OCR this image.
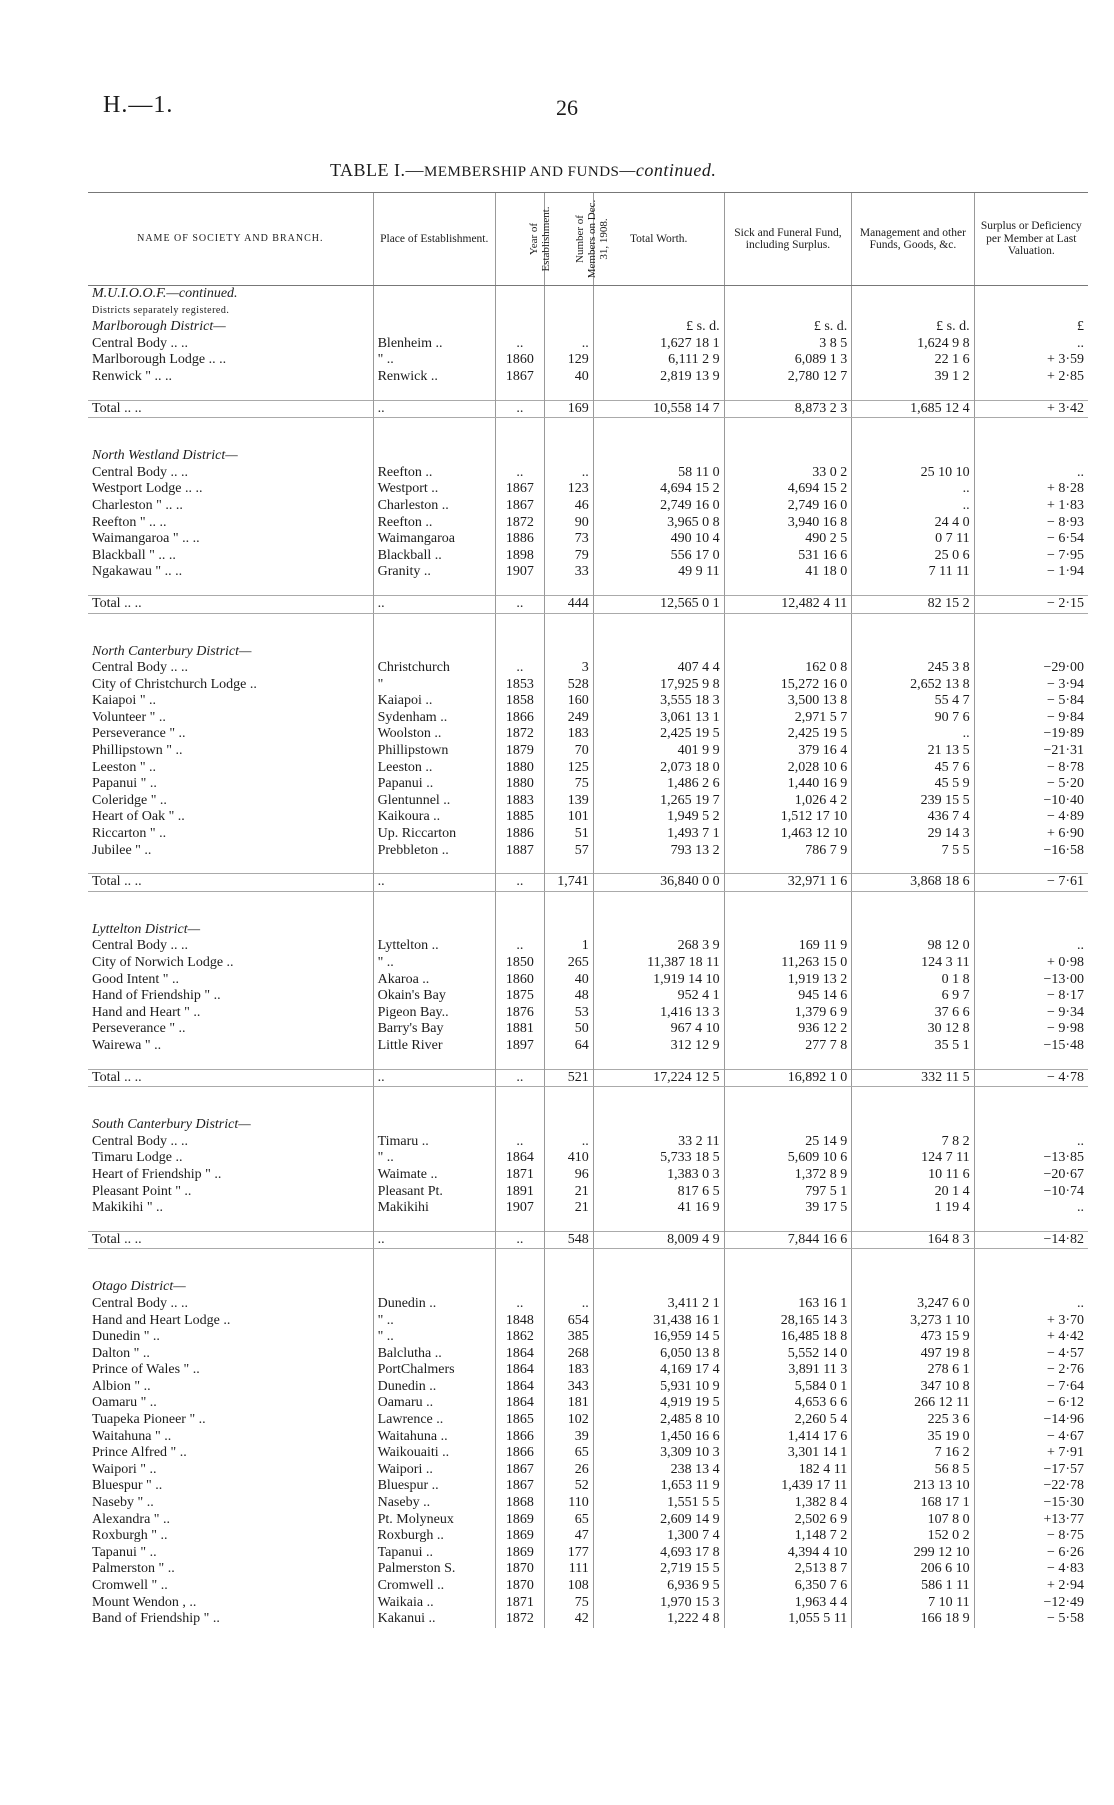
H.—1.	26
TABLE I.—MEMBERSHIP AND FUNDS—continued.
NAME OF SOCIETY AND BRANCH.	Place of Establishment.	Year of Establishment.	Number of Members on Dec. 31, 1908.	Total Worth.	Sick and Funeral Fund, including Surplus.	Management and other Funds, Goods, &c.	Surplus or Deficiency per Member at Last Valuation.
M.U.I.O.O.F.—continued.							
Districts separately registered.							
Marlborough District—				£ s. d.	£ s. d.	£ s. d.	£
Central Body .. ..	Blenheim ..	..	..	1,627 18 1	3 8 5	1,624 9 8	..
Marlborough Lodge .. ..	" ..	1860	129	6,111 2 9	6,089 1 3	22 1 6	+ 3·59
Renwick " .. ..	Renwick ..	1867	40	2,819 13 9	2,780 12 7	39 1 2	+ 2·85

Total .. ..	..	..	169	10,558 14 7	8,873 2 3	1,685 12 4	+ 3·42

North Westland District—							
Central Body .. ..	Reefton ..	..	..	58 11 0	33 0 2	25 10 10	..
Westport Lodge .. ..	Westport ..	1867	123	4,694 15 2	4,694 15 2	..	+ 8·28
Charleston " .. ..	Charleston ..	1867	46	2,749 16 0	2,749 16 0	..	+ 1·83
Reefton " .. ..	Reefton ..	1872	90	3,965 0 8	3,940 16 8	24 4 0	− 8·93
Waimangaroa " .. ..	Waimangaroa	1886	73	490 10 4	490 2 5	0 7 11	− 6·54
Blackball " .. ..	Blackball ..	1898	79	556 17 0	531 16 6	25 0 6	− 7·95
Ngakawau " .. ..	Granity ..	1907	33	49 9 11	41 18 0	7 11 11	− 1·94

Total .. ..	..	..	444	12,565 0 1	12,482 4 11	82 15 2	− 2·15

North Canterbury District—							
Central Body .. ..	Christchurch	..	3	407 4 4	162 0 8	245 3 8	−29·00
City of Christchurch Lodge ..	"	1853	528	17,925 9 8	15,272 16 0	2,652 13 8	− 3·94
Kaiapoi " ..	Kaiapoi ..	1858	160	3,555 18 3	3,500 13 8	55 4 7	− 5·84
Volunteer " ..	Sydenham ..	1866	249	3,061 13 1	2,971 5 7	90 7 6	− 9·84
Perseverance " ..	Woolston ..	1872	183	2,425 19 5	2,425 19 5	..	−19·89
Phillipstown " ..	Phillipstown	1879	70	401 9 9	379 16 4	21 13 5	−21·31
Leeston " ..	Leeston ..	1880	125	2,073 18 0	2,028 10 6	45 7 6	− 8·78
Papanui " ..	Papanui ..	1880	75	1,486 2 6	1,440 16 9	45 5 9	− 5·20
Coleridge " ..	Glentunnel ..	1883	139	1,265 19 7	1,026 4 2	239 15 5	−10·40
Heart of Oak " ..	Kaikoura ..	1885	101	1,949 5 2	1,512 17 10	436 7 4	− 4·89
Riccarton " ..	Up. Riccarton	1886	51	1,493 7 1	1,463 12 10	29 14 3	+ 6·90
Jubilee " ..	Prebbleton ..	1887	57	793 13 2	786 7 9	7 5 5	−16·58

Total .. ..	..	..	1,741	36,840 0 0	32,971 1 6	3,868 18 6	− 7·61

Lyttelton District—							
Central Body .. ..	Lyttelton ..	..	1	268 3 9	169 11 9	98 12 0	..
City of Norwich Lodge ..	" ..	1850	265	11,387 18 11	11,263 15 0	124 3 11	+ 0·98
Good Intent " ..	Akaroa ..	1860	40	1,919 14 10	1,919 13 2	0 1 8	−13·00
Hand of Friendship " ..	Okain's Bay	1875	48	952 4 1	945 14 6	6 9 7	− 8·17
Hand and Heart " ..	Pigeon Bay..	1876	53	1,416 13 3	1,379 6 9	37 6 6	− 9·34
Perseverance " ..	Barry's Bay	1881	50	967 4 10	936 12 2	30 12 8	− 9·98
Wairewa " ..	Little River	1897	64	312 12 9	277 7 8	35 5 1	−15·48

Total .. ..	..	..	521	17,224 12 5	16,892 1 0	332 11 5	− 4·78

South Canterbury District—							
Central Body .. ..	Timaru ..	..	..	33 2 11	25 14 9	7 8 2	..
Timaru Lodge ..	" ..	1864	410	5,733 18 5	5,609 10 6	124 7 11	−13·85
Heart of Friendship " ..	Waimate ..	1871	96	1,383 0 3	1,372 8 9	10 11 6	−20·67
Pleasant Point " ..	Pleasant Pt.	1891	21	817 6 5	797 5 1	20 1 4	−10·74
Makikihi " ..	Makikihi	1907	21	41 16 9	39 17 5	1 19 4	..

Total .. ..	..	..	548	8,009 4 9	7,844 16 6	164 8 3	−14·82

Otago District—							
Central Body .. ..	Dunedin ..	..	..	3,411 2 1	163 16 1	3,247 6 0	..
Hand and Heart Lodge ..	" ..	1848	654	31,438 16 1	28,165 14 3	3,273 1 10	+ 3·70
Dunedin " ..	" ..	1862	385	16,959 14 5	16,485 18 8	473 15 9	+ 4·42
Dalton " ..	Balclutha ..	1864	268	6,050 13 8	5,552 14 0	497 19 8	− 4·57
Prince of Wales " ..	PortChalmers	1864	183	4,169 17 4	3,891 11 3	278 6 1	− 2·76
Albion " ..	Dunedin ..	1864	343	5,931 10 9	5,584 0 1	347 10 8	− 7·64
Oamaru " ..	Oamaru ..	1864	181	4,919 19 5	4,653 6 6	266 12 11	− 6·12
Tuapeka Pioneer " ..	Lawrence ..	1865	102	2,485 8 10	2,260 5 4	225 3 6	−14·96
Waitahuna " ..	Waitahuna ..	1866	39	1,450 16 6	1,414 17 6	35 19 0	− 4·67
Prince Alfred " ..	Waikouaiti ..	1866	65	3,309 10 3	3,301 14 1	7 16 2	+ 7·91
Waipori " ..	Waipori ..	1867	26	238 13 4	182 4 11	56 8 5	−17·57
Bluespur " ..	Bluespur ..	1867	52	1,653 11 9	1,439 17 11	213 13 10	−22·78
Naseby " ..	Naseby ..	1868	110	1,551 5 5	1,382 8 4	168 17 1	−15·30
Alexandra " ..	Pt. Molyneux	1869	65	2,609 14 9	2,502 6 9	107 8 0	+13·77
Roxburgh " ..	Roxburgh ..	1869	47	1,300 7 4	1,148 7 2	152 0 2	− 8·75
Tapanui " ..	Tapanui ..	1869	177	4,693 17 8	4,394 4 10	299 12 10	− 6·26
Palmerston " ..	Palmerston S.	1870	111	2,719 15 5	2,513 8 7	206 6 10	− 4·83
Cromwell " ..	Cromwell ..	1870	108	6,936 9 5	6,350 7 6	586 1 11	+ 2·94
Mount Wendon , ..	Waikaia ..	1871	75	1,970 15 3	1,963 4 4	7 10 11	−12·49
Band of Friendship " ..	Kakanui ..	1872	42	1,222 4 8	1,055 5 11	166 18 9	− 5·58
